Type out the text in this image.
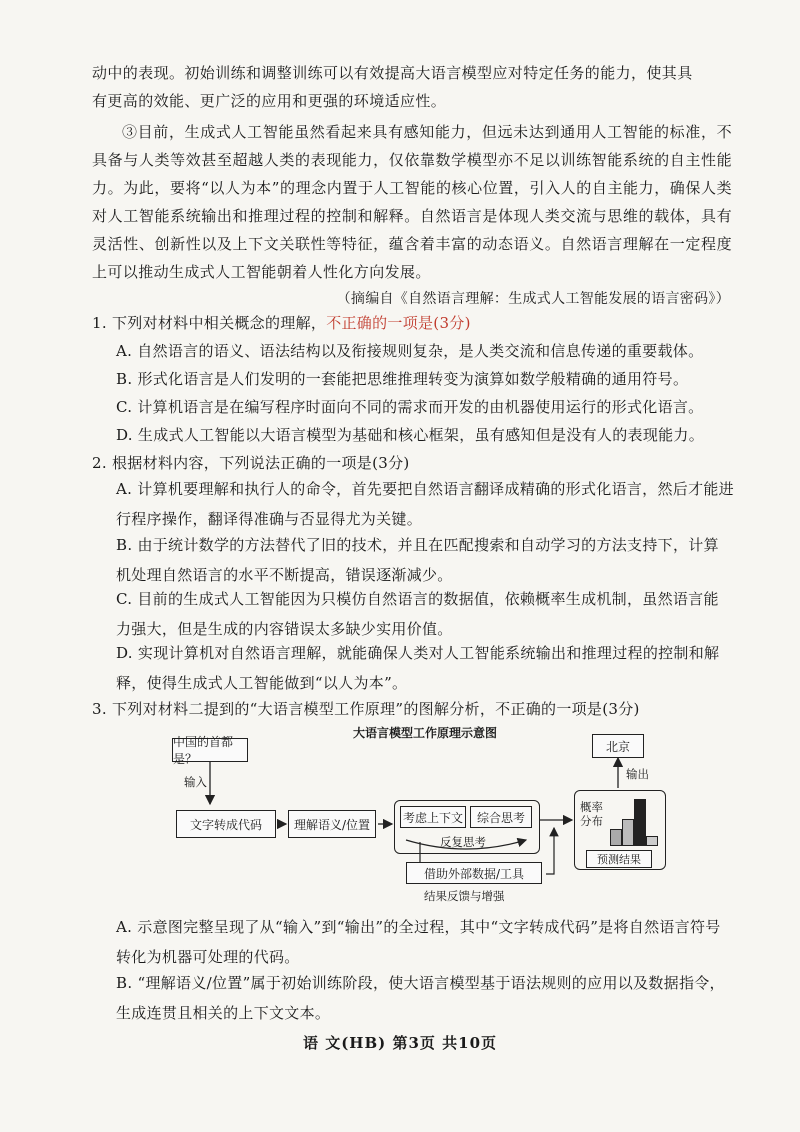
动中的表现。初始训练和调整训练可以有效提高大语言模型应对特定任务的能力，使其具
有更高的效能、更广泛的应用和更强的环境适应性。
③目前，生成式人工智能虽然看起来具有感知能力，但远未达到通用人工智能的标准，不具备与人类等效甚至超越人类的表现能力，仅依靠数学模型亦不足以训练智能系统的自主性能力。为此，要将“以人为本”的理念内置于人工智能的核心位置，引入人的自主能力，确保人类对人工智能系统输出和推理过程的控制和解释。自然语言是体现人类交流与思维的载体，具有灵活性、创新性以及上下文关联性等特征，蕴含着丰富的动态语义。自然语言理解在一定程度上可以推动生成式人工智能朝着人性化方向发展。
（摘编自《自然语言理解：生成式人工智能发展的语言密码》）
1. 下列对材料中相关概念的理解，不正确的一项是(3分)
A. 自然语言的语义、语法结构以及衔接规则复杂，是人类交流和信息传递的重要载体。
B. 形式化语言是人们发明的一套能把思维推理转变为演算如数学般精确的通用符号。
C. 计算机语言是在编写程序时面向不同的需求而开发的由机器使用运行的形式化语言。
D. 生成式人工智能以大语言模型为基础和核心框架，虽有感知但是没有人的表现能力。
2. 根据材料内容，下列说法正确的一项是(3分)
A. 计算机要理解和执行人的命令，首先要把自然语言翻译成精确的形式化语言，然后才能进行程序操作，翻译得准确与否显得尤为关键。
B. 由于统计数学的方法替代了旧的技术，并且在匹配搜索和自动学习的方法支持下，计算机处理自然语言的水平不断提高，错误逐渐减少。
C. 目前的生成式人工智能因为只模仿自然语言的数据值，依赖概率生成机制，虽然语言能力强大，但是生成的内容错误太多缺少实用价值。
D. 实现计算机对自然语言理解，就能确保人类对人工智能系统输出和推理过程的控制和解释，使得生成式人工智能做到“以人为本”。
3. 下列对材料二提到的“大语言模型工作原理”的图解分析，不正确的一项是(3分)
大语言模型工作原理示意图
中国的首都是？
输入
文字转成代码	理解语义/位置	考虑上下文	综合思考
反复思考
概率分布
预测结果
输出
北京
借助外部数据/工具
结果反馈与增强
A. 示意图完整呈现了从“输入”到“输出”的全过程，其中“文字转成代码”是将自然语言符号转化为机器可处理的代码。
B. “理解语义/位置”属于初始训练阶段，使大语言模型基于语法规则的应用以及数据指令，生成连贯且相关的上下文文本。
语 文(HB) 第3页 共10页
